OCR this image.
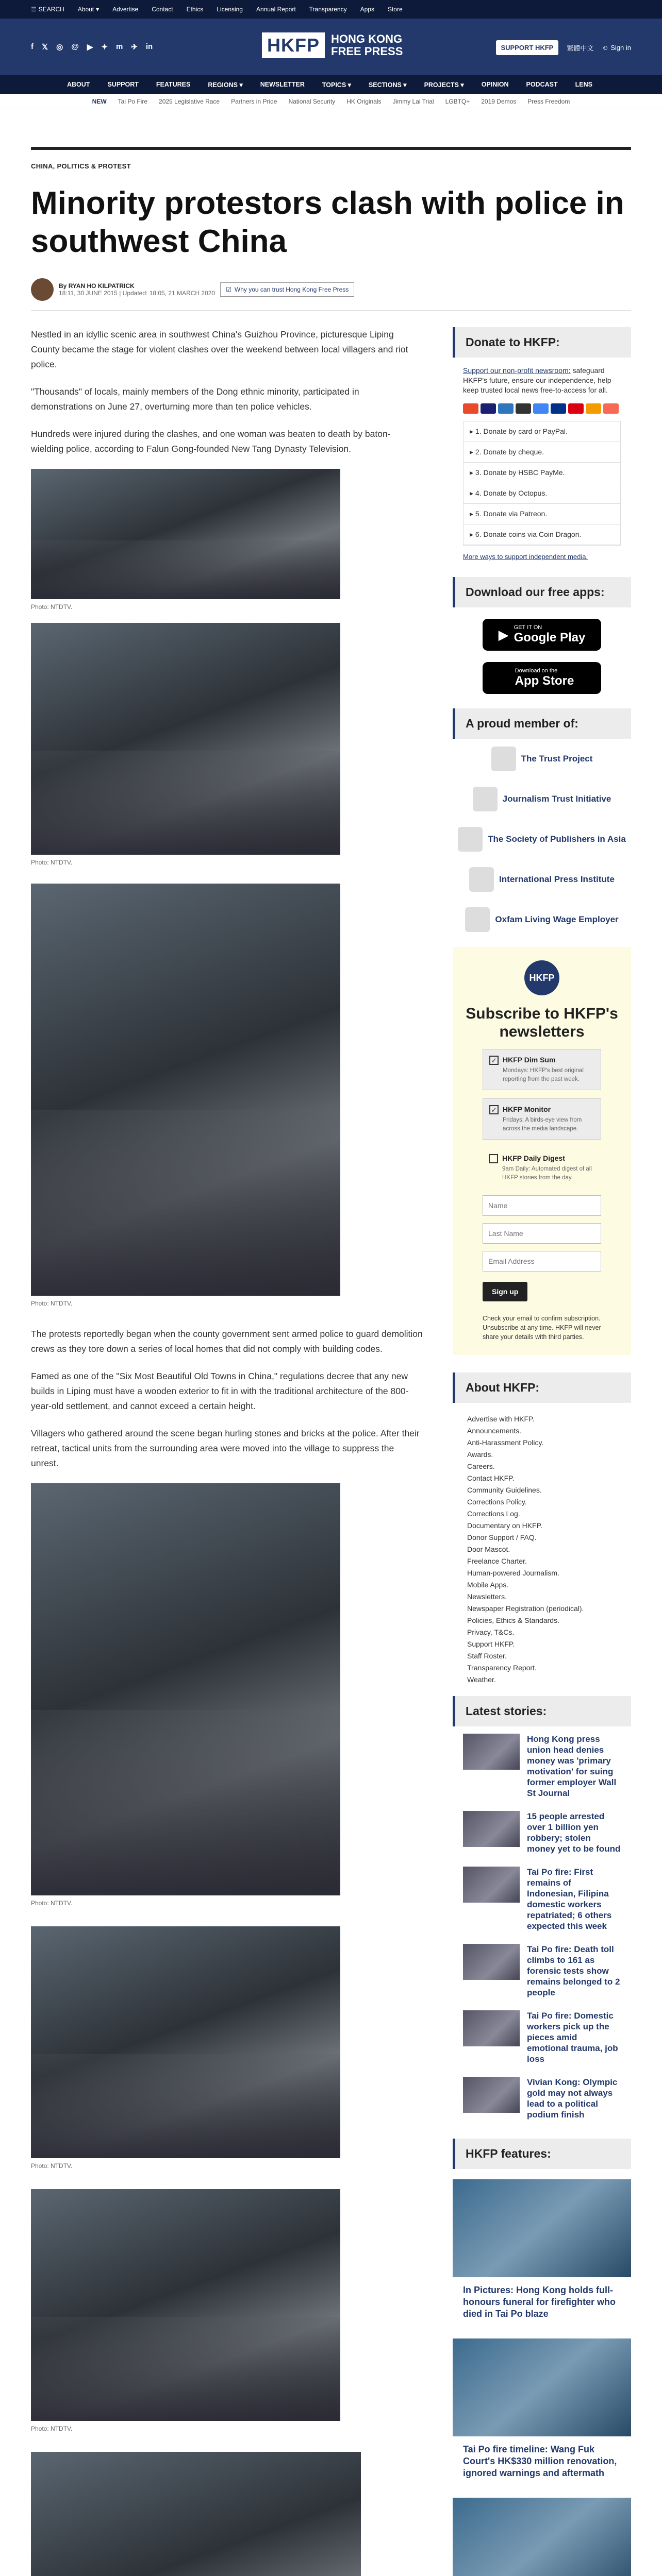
☰ SEARCH About ▾ Advertise Contact Ethics Licensing Annual Report Transparency Apps Store
f 𝕏 ◎ @ ▶ ✦ m ✈ in	HKFP	HONG KONG
FREE PRESS	SUPPORT HKFP	繁體中文 ☺ Sign in
ABOUT	SUPPORT	FEATURES	REGIONS ▾	NEWSLETTER	TOPICS ▾	SECTIONS ▾	PROJECTS ▾	OPINION	PODCAST	LENS
NEW Tai Po Fire 2025 Legislative Race Partners in Pride National Security HK Originals Jimmy Lai Trial LGBTQ+ 2019 Demos Press Freedom
CHINA, POLITICS & PROTEST
Minority protestors clash with police in southwest China
By RYAN HO KILPATRICK
18:11, 30 JUNE 2015 | Updated: 18:05, 21 MARCH 2020 ☑ Why you can trust Hong Kong Free Press

Nestled in an idyllic scenic area in southwest China's Guizhou Province, picturesque Liping County became the stage for violent clashes over the weekend between local villagers and riot police.

"Thousands" of locals, mainly members of the Dong ethnic minority, participated in demonstrations on June 27, overturning more than ten police vehicles.

Hundreds were injured during the clashes, and one woman was beaten to death by baton-wielding police, according to Falun Gong-founded New Tang Dynasty Television.

Photo: NTDTV.
Photo: NTDTV.
Photo: NTDTV.

The protests reportedly began when the county government sent armed police to guard demolition crews as they tore down a series of local homes that did not comply with building codes.

Famed as one of the "Six Most Beautiful Old Towns in China," regulations decree that any new builds in Liping must have a wooden exterior to fit in with the traditional architecture of the 800-year-old settlement, and cannot exceed a certain height.

Villagers who gathered around the scene began hurling stones and bricks at the police. After their retreat, tactical units from the surrounding area were moved into the village to suppress the unrest.

Photo: NTDTV.
Photo: NTDTV.
Photo: NTDTV.
Donate to HKFP:
Support our non-profit newsroom: safeguard HKFP's future, ensure our independence, help keep trusted local news free-to-access for all.
▸ 1. Donate by card or PayPal.
▸ 2. Donate by cheque.
▸ 3. Donate by HSBC PayMe.
▸ 4. Donate by Octopus.
▸ 5. Donate via Patreon.
▸ 6. Donate coins via Coin Dragon.
More ways to support independent media.
Download our free apps:
▶ GET IT ON
Google Play
Download on the
App Store
A proud member of:
The Trust Project
Journalism Trust Initiative
The Society of Publishers in Asia
International Press Institute
Oxfam Living Wage Employer
HKFP
Subscribe to HKFP's newsletters
✓ HKFP Dim Sum
Mondays: HKFP's best original reporting from the past week.
✓ HKFP Monitor
Fridays: A birds-eye view from across the media landscape.
HKFP Daily Digest
9am Daily: Automated digest of all HKFP stories from the day.
Name
Last Name
Email Address
Sign up
Check your email to confirm subscription. Unsubscribe at any time. HKFP will never share your details with third parties.
About HKFP:
Advertise with HKFP.
Announcements.
Anti-Harassment Policy.
Awards.
Careers.
Contact HKFP.
Community Guidelines.
Corrections Policy.
Corrections Log.
Documentary on HKFP.
Donor Support / FAQ.
Door Mascot.
Freelance Charter.
Human-powered Journalism.
Mobile Apps.
Newsletters.
Newspaper Registration (periodical).
Policies, Ethics & Standards.
Privacy, T&Cs.
Support HKFP.
Staff Roster.
Transparency Report.
Weather.
Latest stories:
Hong Kong press union head denies money was 'primary motivation' for suing former employer Wall St Journal
15 people arrested over 1 billion yen robbery; stolen money yet to be found
Tai Po fire: First remains of Indonesian, Filipina domestic workers repatriated; 6 others expected this week
Tai Po fire: Death toll climbs to 161 as forensic tests show remains belonged to 2 people
Tai Po fire: Domestic workers pick up the pieces amid emotional trauma, job loss
Vivian Kong: Olympic gold may not always lead to a political podium finish
HKFP features:
In Pictures: Hong Kong holds full-honours funeral for firefighter who died in Tai Po blaze
Tai Po fire timeline: Wang Fuk Court's HK$330 million renovation, ignored warnings and aftermath
